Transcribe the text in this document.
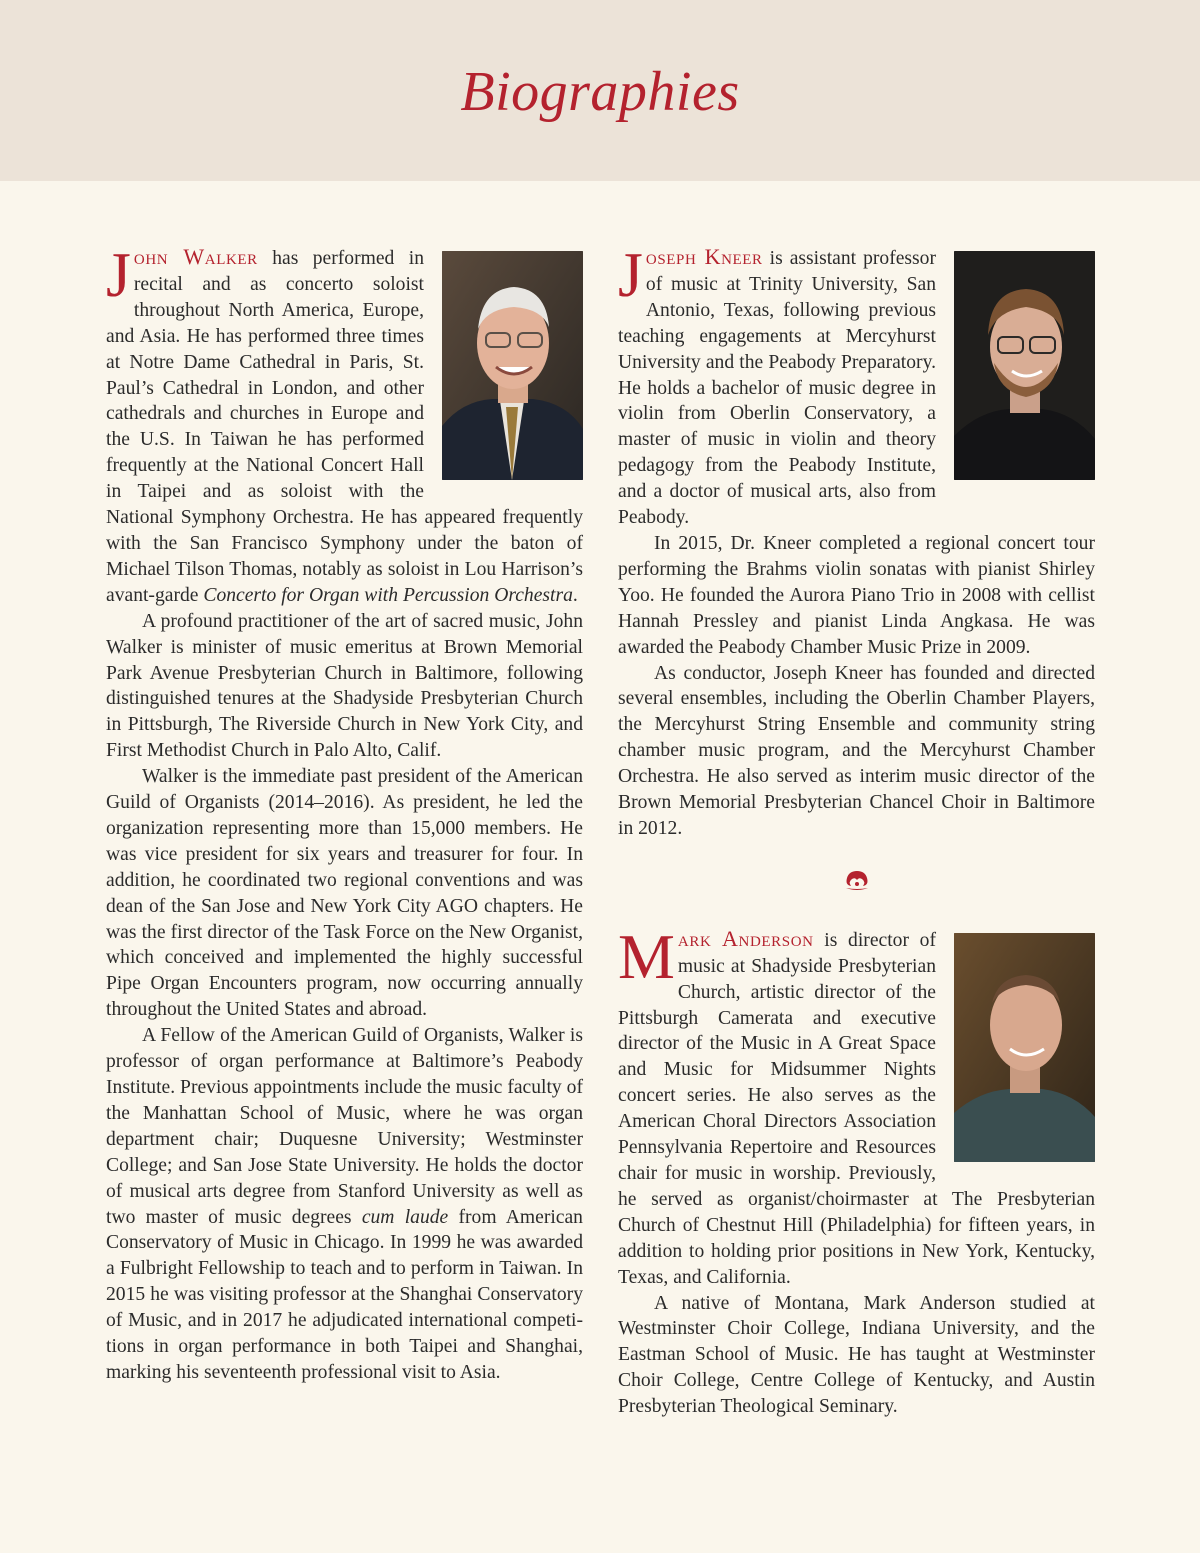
Biographies

John Walker has performed in recital and as concerto soloist throughout North America, Europe, and Asia. He has performed three times at Notre Dame Cathedral in Paris, St. Paul’s Cathedral in London, and other cathedrals and churches in Europe and the U.S. In Taiwan he has performed frequently at the National Concert Hall in Taipei and as soloist with the National Symphony Orchestra. He has appeared frequently with the San Francisco Symphony under the baton of Michael Tilson Thomas, notably as soloist in Lou Harrison’s avant-garde Concerto for Organ with Percussion Orchestra.

A profound practitioner of the art of sacred music, John Walker is minister of music emeritus at Brown Memorial Park Avenue Presbyterian Church in Baltimore, following distinguished tenures at the Shadyside Presbyterian Church in Pittsburgh, The Riverside Church in New York City, and First Methodist Church in Palo Alto, Calif.

Walker is the immediate past president of the American Guild of Organists (2014–2016). As president, he led the organization representing more than 15,000 members. He was vice president for six years and treasurer for four. In addition, he coordinated two regional conventions and was dean of the San Jose and New York City AGO chapters. He was the first director of the Task Force on the New Organist, which conceived and implemented the highly successful Pipe Organ Encounters program, now occurring annually throughout the United States and abroad.

A Fellow of the American Guild of Organists, Walker is professor of organ performance at Baltimore’s Peabody Institute. Previous appointments include the music faculty of the Manhattan School of Music, where he was organ department chair; Duquesne University; Westminster College; and San Jose State University. He holds the doctor of musical arts degree from Stanford University as well as two master of music degrees cum laude from American Conservatory of Music in Chicago. In 1999 he was awarded a Fulbright Fellowship to teach and to perform in Taiwan. In 2015 he was visiting professor at the Shanghai Conservatory of Music, and in 2017 he adjudicated international competitions in organ performance in both Taipei and Shanghai, marking his seventeenth professional visit to Asia.

Joseph Kneer is assistant professor of music at Trinity University, San Antonio, Texas, following previous teaching engagements at Mercyhurst University and the Peabody Preparatory. He holds a bachelor of music degree in violin from Oberlin Conservatory, a master of music in violin and theory pedagogy from the Peabody Institute, and a doctor of musical arts, also from Peabody.

In 2015, Dr. Kneer completed a regional concert tour performing the Brahms violin sonatas with pianist Shirley Yoo. He founded the Aurora Piano Trio in 2008 with cellist Hannah Pressley and pianist Linda Angkasa. He was awarded the Peabody Chamber Music Prize in 2009.

As conductor, Joseph Kneer has founded and directed several ensembles, including the Oberlin Chamber Players, the Mercyhurst String Ensemble and community string chamber music program, and the Mercyhurst Chamber Orchestra. He also served as interim music director of the Brown Memorial Presbyterian Chancel Choir in Baltimore in 2012.

Mark Anderson is director of music at Shadyside Presbyterian Church, artistic director of the Pittsburgh Camerata and executive director of the Music in A Great Space and Music for Midsummer Nights concert series. He also serves as the American Choral Directors Association Pennsylvania Repertoire and Resources chair for music in worship. Previously, he served as organist/choirmaster at The Presbyterian Church of Chestnut Hill (Philadelphia) for fifteen years, in addition to holding prior positions in New York, Kentucky, Texas, and California.

A native of Montana, Mark Anderson studied at Westminster Choir College, Indiana University, and the Eastman School of Music. He has taught at Westminster Choir College, Centre College of Kentucky, and Austin Presbyterian Theological Seminary.
